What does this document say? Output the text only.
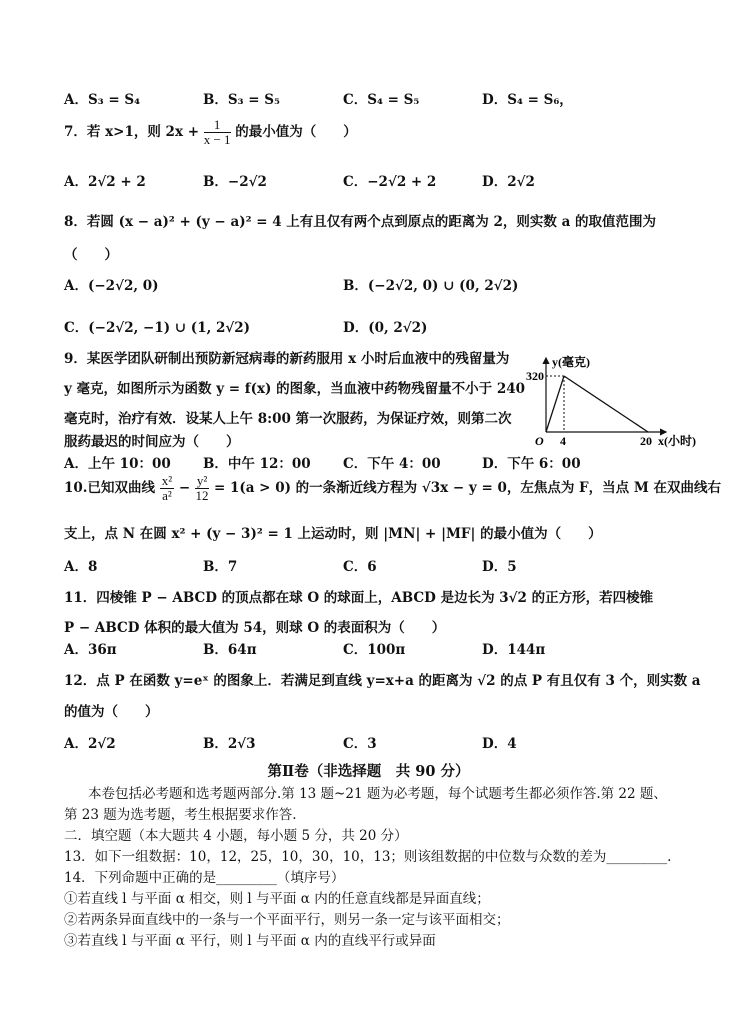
A．S₃ = S₄	B．S₃ = S₅	C．S₄ = S₅	D．S₄ = S₆，
7．若 x>1，则 $2x + \frac{1}{x - 1}$ 的最小值为（　　）
A．2√2 + 2	B．−2√2	C．−2√2 + 2	D．2√2
8．若圆 (x − a)² + (y − a)² = 4 上有且仅有两个点到原点的距离为 2，则实数 a 的取值范围为
（　　）
A．(−2√2, 0)	B．(−2√2, 0) ∪ (0, 2√2)
C．(−2√2, −1) ∪ (1, 2√2)	D．(0, 2√2)
9．某医学团队研制出预防新冠病毒的新药服用 x 小时后血液中的残留量为
y 毫克，如图所示为函数 y = f(x) 的图象，当血液中药物残留量不小于 240
毫克时，治疗有效．设某人上午 8:00 第一次服药，为保证疗效，则第二次
服药最迟的时间应为（　　）
y(毫克)
320
O 4	20 x(小时)
A．上午 10：00 B．中午 12：00 C．下午 4：00	D．下午 6：00
10.已知双曲线 $\frac{\text{x²}}{\text{a²}} - \frac{\text{y²}}{12} = 1(a > 0)$ 的一条渐近线方程为 √3x − y = 0，左焦点为 F，当点 M 在双曲线右
支上，点 N 在圆 x² + (y − 3)² = 1 上运动时，则 |MN| + |MF| 的最小值为（　　）
A．8	B．7	C．6	D．5
11．四棱锥 P − ABCD 的顶点都在球 O 的球面上，ABCD 是边长为 3√2 的正方形，若四棱锥
P − ABCD 体积的最大值为 54，则球 O 的表面积为（　　）
A．36π	B．64π	C．100π	D．144π
12．点 P 在函数 y=eˣ 的图象上．若满足到直线 y=x+a 的距离为 √2 的点 P 有且仅有 3 个，则实数 a
的值为（　　）
A．2√2	B．2√3	C．3	D．4
第Ⅱ卷（非选择题　共 90 分）
本卷包括必考题和选考题两部分.第 13 题~21 题为必考题，每个试题考生都必须作答.第 22 题、
第 23 题为选考题，考生根据要求作答.
二．填空题（本大题共 4 小题，每小题 5 分，共 20 分）
13．如下一组数据：10，12，25，10，30，10，13；则该组数据的中位数与众数的差为_________.
14．下列命题中正确的是_________（填序号）
①若直线 l 与平面 α 相交，则 l 与平面 α 内的任意直线都是异面直线；
②若两条异面直线中的一条与一个平面平行，则另一条一定与该平面相交；
③若直线 l 与平面 α 平行，则 l 与平面 α 内的直线平行或异面
